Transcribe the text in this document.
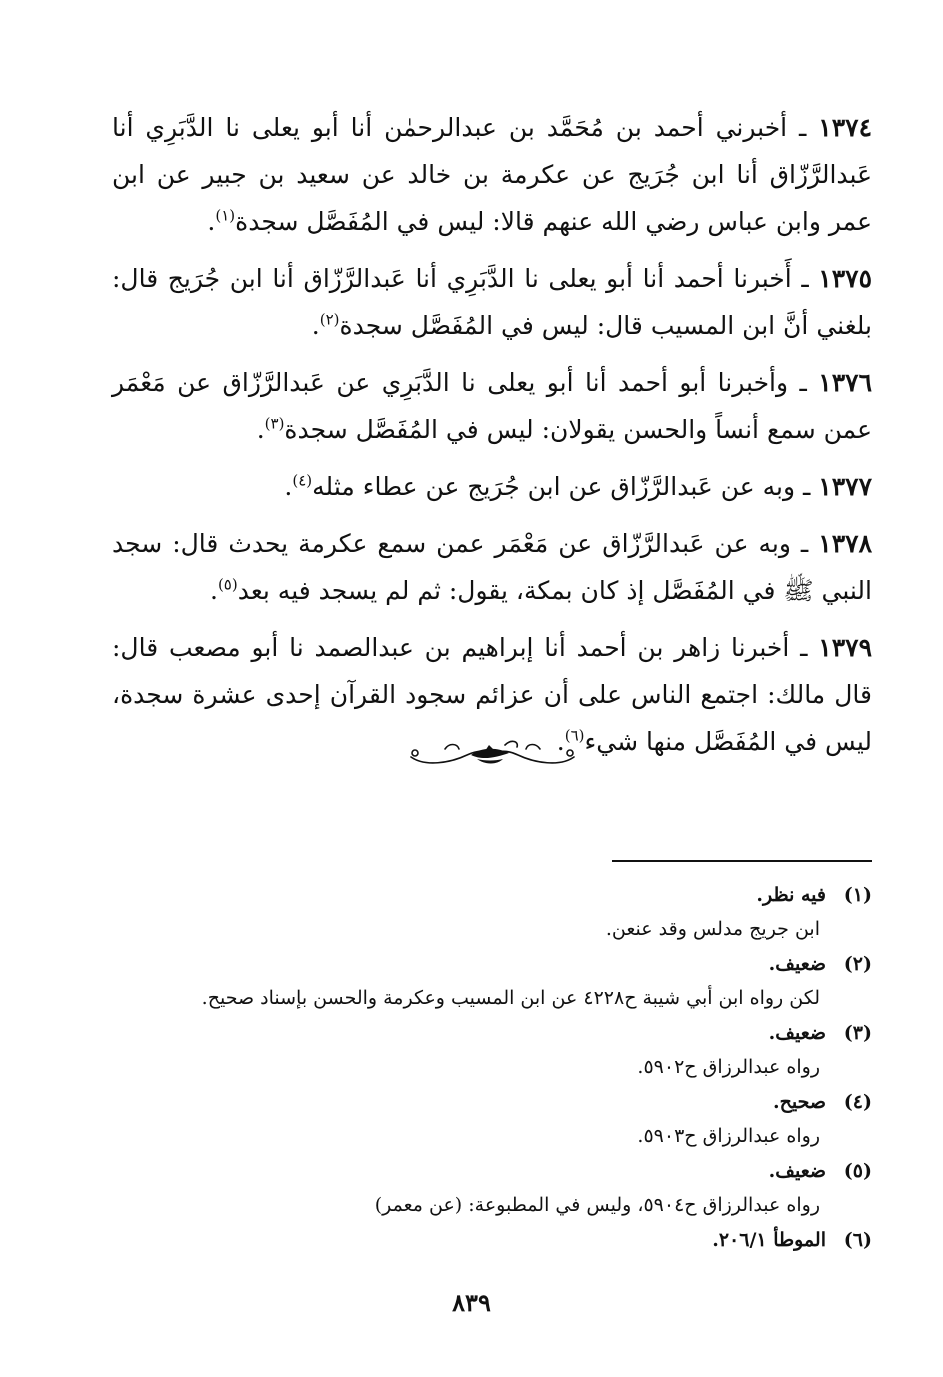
١٣٧٤ ـ أخبرني أحمد بن مُحَمَّد بن عبدالرحمٰن أنا أبو يعلى نا الدَّبَرِي أنا عَبدالرَّزّاق أنا ابن جُرَيج عن عكرمة بن خالد عن سعيد بن جبير عن ابن عمر وابن عباس رضي الله عنهم قالا: ليس في المُفَصَّل سجدة$^{(١)}$.

١٣٧٥ ـ أَخبرنا أحمد أنا أبو يعلى نا الدَّبَرِي أنا عَبدالرَّزّاق أنا ابن جُرَيج قال: بلغني أنَّ ابن المسيب قال: ليس في المُفَصَّل سجدة$^{(٢)}$.

١٣٧٦ ـ وأخبرنا أبو أحمد أنا أبو يعلى نا الدَّبَرِي عن عَبدالرَّزّاق عن مَعْمَر عمن سمع أنساً والحسن يقولان: ليس في المُفَصَّل سجدة$^{(٣)}$.

١٣٧٧ ـ وبه عن عَبدالرَّزّاق عن ابن جُرَيج عن عطاء مثله$^{(٤)}$.

١٣٧٨ ـ وبه عن عَبدالرَّزّاق عن مَعْمَر عمن سمع عكرمة يحدث قال: سجد النبي ﷺ في المُفَصَّل إذ كان بمكة، يقول: ثم لم يسجد فيه بعد$^{(٥)}$.

١٣٧٩ ـ أخبرنا زاهر بن أحمد أنا إبراهيم بن عبدالصمد نا أبو مصعب قال: قال مالك: اجتمع الناس على أن عزائم سجود القرآن إحدى عشرة سجدة، ليس في المُفَصَّل منها شيء$^{(٦)}$.

(١)فيه نظر.
ابن جريج مدلس وقد عنعن.
(٢)ضعيف.
لكن رواه ابن أبي شيبة ح٤٢٢٨ عن ابن المسيب وعكرمة والحسن بإسناد صحيح.
(٣)ضعيف.
رواه عبدالرزاق ح٥٩٠٢.
(٤)صحيح.
رواه عبدالرزاق ح٥٩٠٣.
(٥)ضعيف.
رواه عبدالرزاق ح٥٩٠٤، وليس في المطبوعة: (عن معمر)
(٦)الموطأ ٢٠٦/١.
٨٣٩
